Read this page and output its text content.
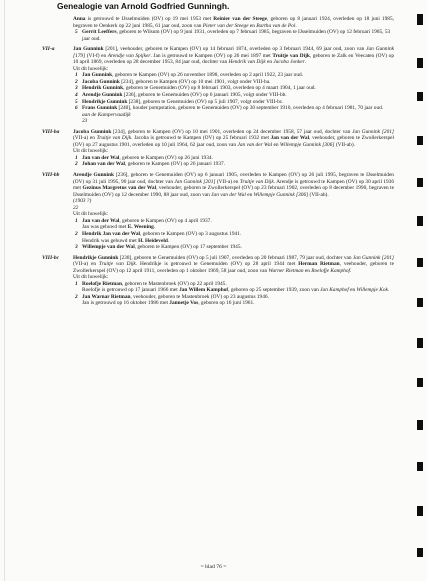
Genealogie van Arnold Godfried Gunningh.
Anna is getrouwd te IJsselmuiden (OV) op 19 mei 1953 met Reinier van der Steege, geboren op 8 januari 1924, overleden op 18 juni 1985, begraven te Oenkerk op 22 juni 1985, 61 jaar oud, zoon van Pieter van der Steege en Bartha van de Pol.
5 Gerrit Leeffers, geboren te Wilsum (OV) op 9 juni 1931, overleden op 7 februari 1985, begraven te IJsselmuiden (OV) op 12 februari 1985, 53 jaar oud.
VII-a	Jan Gunnink [201], veehouder, geboren te Kampen (OV) op 14 februari 1874, overleden op 3 februari 1944, 69 jaar oud, zoon van Jan Gunnink [179] (VI-f) en Arendje van Spijker. Jan is getrouwd te Kampen (OV) op 26 mei 1897 met Truitje van Dijk, geboren te Zalk en Veecaten (OV) op 10 april 1869, overleden op 28 december 1953, 84 jaar oud, dochter van Hendrik van Dijk en Jacoba Jonker.
Uit dit huwelijk:
1 Jan Gunnink, geboren te Kampen (OV) op 26 november 1898, overleden op 2 april 1922, 23 jaar oud.
2 Jacoba Gunnink [234], geboren te Kampen (OV) op 10 mei 1901, volgt onder VIII-ba.
3 Hendrik Gunnink, geboren te Genemuiden (OV) op 8 februari 1903, overleden op 4 maart 1904, 1 jaar oud.
4 Arendje Gunnink [236], geboren te Genemuiden (OV) op 6 januari 1905, volgt onder VIII-bb.
5 Hendrikje Gunnink [238], geboren te Genemuiden (OV) op 5 juli 1907, volgt onder VIII-bc.
6 Frans Gunnink [240], houder pompstation, geboren te Genemuiden (OV) op 30 september 1910, overleden op 4 februari 1981, 70 jaar oud.
aan de Kampervaadijk
23
VIII-ba	Jacoba Gunnink [234], geboren te Kampen (OV) op 10 mei 1901, overleden op 24 december 1958, 57 jaar oud, dochter van Jan Gunnink [201] (VII-a) en Truitje van Dijk. Jacoba is getrouwd te Kampen (OV) op 25 februari 1932 met Jan van der Wal, veehouder, geboren te Zwollerkerspel (OV) op 27 augustus 1901, overleden op 10 juli 1964, 62 jaar oud, zoon van Jan van der Wal en Willempje Gunnink [306] (VII-ab).
Uit dit huwelijk:
1 Jan van der Wal, geboren te Kampen (OV) op 26 juni 1934.
2 Johan van der Wal, geboren te Kampen (OV) op 26 januari 1937.
VIII-bb	Arendje Gunnink [236], geboren te Genemuiden (OV) op 6 januari 1905, overleden te Kampen (OV) op 26 juli 1995, begraven te IJsselmuiden (OV) op 31 juli 1995, 90 jaar oud, dochter van Jan Gunnink [201] (VII-a) en Truitje van Dijk. Arendje is getrouwd te Kampen (OV) op 30 april 1936 met Gezinus Margretus van der Wal, veehouder, geboren te Zwollerkerspel (OV) op 23 februari 1902, overleden op 8 december 1990, begraven te IJsselmuiden (OV) op 12 december 1990, 88 jaar oud, zoon van Jan van der Wal en Willempje Gunnink [306] (VII-ab).
(1903 ?)
22
Uit dit huwelijk:
1 Jan van der Wal, geboren te Kampen (OV) op 4 april 1937.
Jan was gehuwd met E. Weening.
2 Hendrik Jan van der Wal, geboren te Kampen (OV) op 3 augustus 1941.
Hendrik was gehuwd met H. Heideveld.
3 Willempje van der Wal, geboren te Kampen (OV) op 17 september 1945.
VIII-bc	Hendrikje Gunnink [238], geboren te Genemuiden (OV) op 5 juli 1907, overleden op 20 februari 1987, 79 jaar oud, dochter van Jan Gunnink [201] (VII-a) en Truitje van Dijk. Hendrikje is getrouwd te Genemuiden (OV) op 28 april 1944 met Herman Rietman, veehouder, geboren te Zwollerkerspel (OV) op 12 april 1911, overleden op 1 oktober 1969, 58 jaar oud, zoon van Warner Rietman en Roelofje Kamphof.
Uit dit huwelijk:
1 Roelofje Rietman, geboren te Mastenbroek (OV) op 22 april 1945.
Roelofje is getrouwd op 17 januari 1966 met Jan Willem Kamphof, geboren op 25 september 1939, zoon van Jan Kamphof en Willempje Kok.
2 Jan Warnar Rietman, veehouder, geboren te Mastenbroek (OV) op 23 augustus 1946.
Jan is getrouwd op 16 oktober 1986 met Jannetje Vos, geboren op 16 juni 1961.
= blad 76 =
